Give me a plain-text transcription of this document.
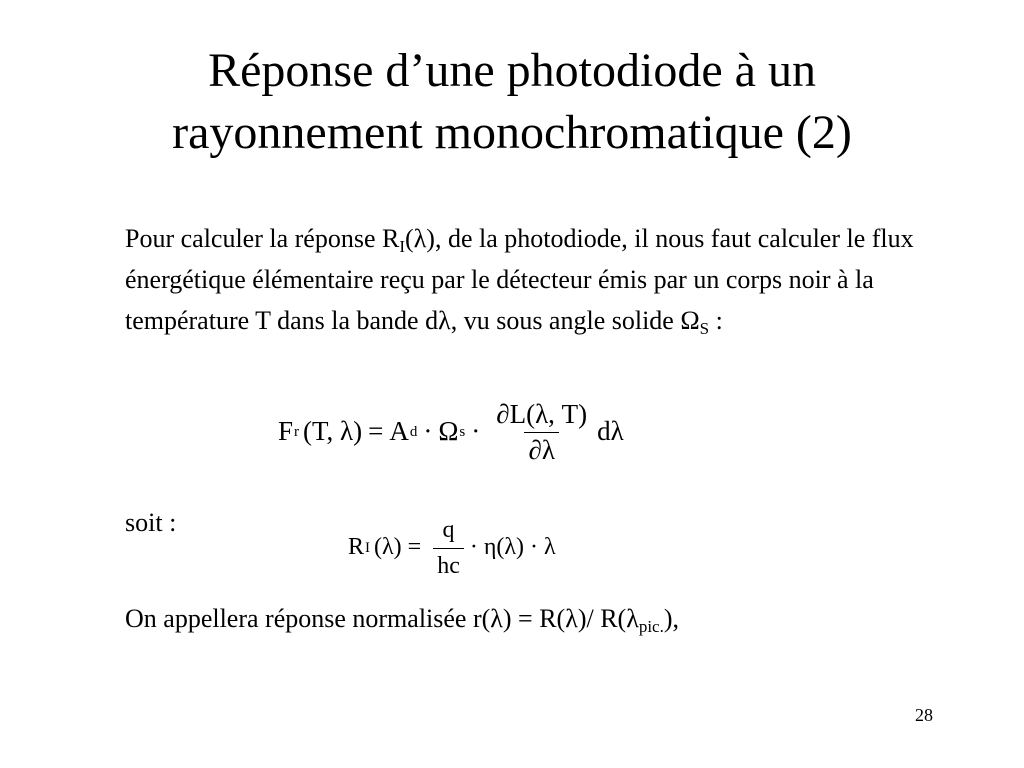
Réponse d’une photodiode à un
rayonnement monochromatique (2)
Pour calculer la réponse $R_I(\lambda)$, de la photodiode, il nous faut calculer le flux énergétique élémentaire reçu par le détecteur émis par un corps noir à la température T dans la bande dλ, vu sous angle solide $\Omega_S$ :
F r (T, λ) = A d · Ω $s \cdot \frac{\partial L(\lambda, T)}{\partial\lambda}$ dλ
soit :
R I $(\lambda) = \frac{q}{hc} \cdot \eta(\lambda) \cdot \lambda$
On appellera réponse normalisée r(λ) = R(λ)/ $R(\lambda_{pic.})$,
28
